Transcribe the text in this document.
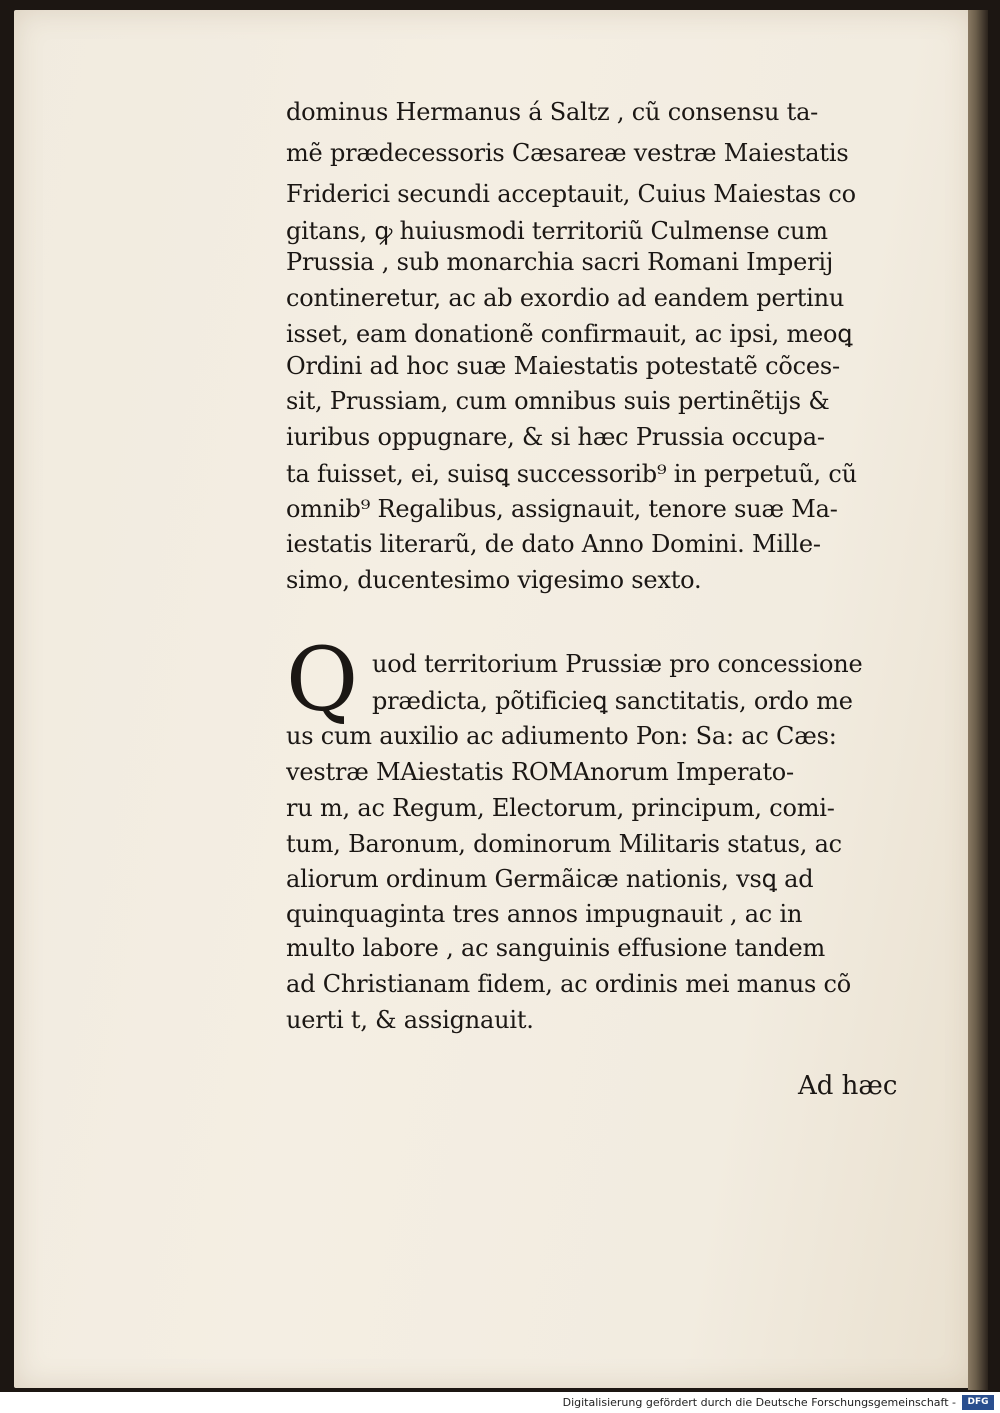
dominus Hermanus á Saltz , cũ consensu ta-
mẽ prædecessoris Cæsareæ vestræ Maiestatis
Friderici secundi acceptauit, Cuius Maiestas co
gitans, ꝙ huiusmodi territoriũ Culmense cum
Prussia , sub monarchia sacri Romani Imperij
contineretur, ac ab exordio ad eandem pertinu
isset, eam donationẽ confirmauit, ac ipsi, meoꝗ
Ordini ad hoc suæ Maiestatis potestatẽ cõces-
sit, Prussiam, cum omnibus suis pertinẽtijs &
iuribus oppugnare, & si hæc Prussia occupa-
ta fuisset, ei, suisꝗ successorib⁹ in perpetuũ, cũ
omnib⁹ Regalibus, assignauit, tenore suæ Ma-
iestatis literarũ, de dato Anno Domini. Mille-
simo, ducentesimo vigesimo sexto.
Q uod territorium Prussiæ pro concessione
prædicta, põtificieꝗ sanctitatis, ordo me
us cum auxilio ac adiumento Pon: Sa: ac Cæs:
vestræ MAiestatis ROMAnorum Imperato-
ru m, ac Regum, Electorum, principum, comi-
tum, Baronum, dominorum Militaris status, ac
aliorum ordinum Germãicæ nationis, vsꝗ ad
quinquaginta tres annos impugnauit , ac in
multo labore , ac sanguinis effusione tandem
ad Christianam fidem, ac ordinis mei manus cõ
uerti t, & assignauit.
Ad hæc
Digitalisierung gefördert durch die Deutsche Forschungsgemeinschaft -	DFG
